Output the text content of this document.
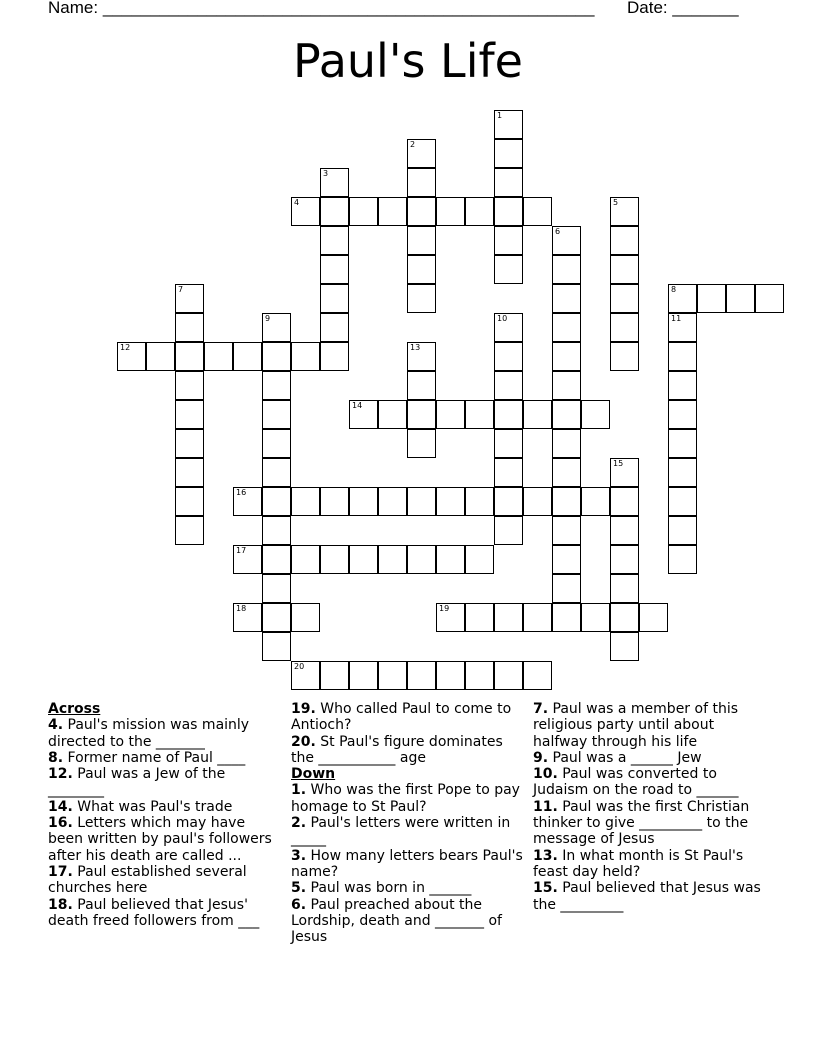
Name: ____________________________________________________ Date: _______
Paul's Life
4
8
12
14
16
17
18	19
20
1
2
3
5
6
7
9	10	11
13
15
Across
4. Paul's mission was mainly directed to the _______
8. Former name of Paul ____
12. Paul was a Jew of the ________
14. What was Paul's trade
16. Letters which may have been written by paul's followers after his death are called ...
17. Paul established several churches here
18. Paul believed that Jesus' death freed followers from ___
19. Who called Paul to come to Antioch?
20. St Paul's figure dominates the ___________ age
Down
1. Who was the first Pope to pay homage to St Paul?
2. Paul's letters were written in _____
3. How many letters bears Paul's name?
5. Paul was born in ______
6. Paul preached about the Lordship, death and _______ of Jesus
7. Paul was a member of this religious party until about halfway through his life
9. Paul was a ______ Jew
10. Paul was converted to Judaism on the road to ______
11. Paul was the first Christian thinker to give _________ to the message of Jesus
13. In what month is St Paul's feast day held?
15. Paul believed that Jesus was the _________
